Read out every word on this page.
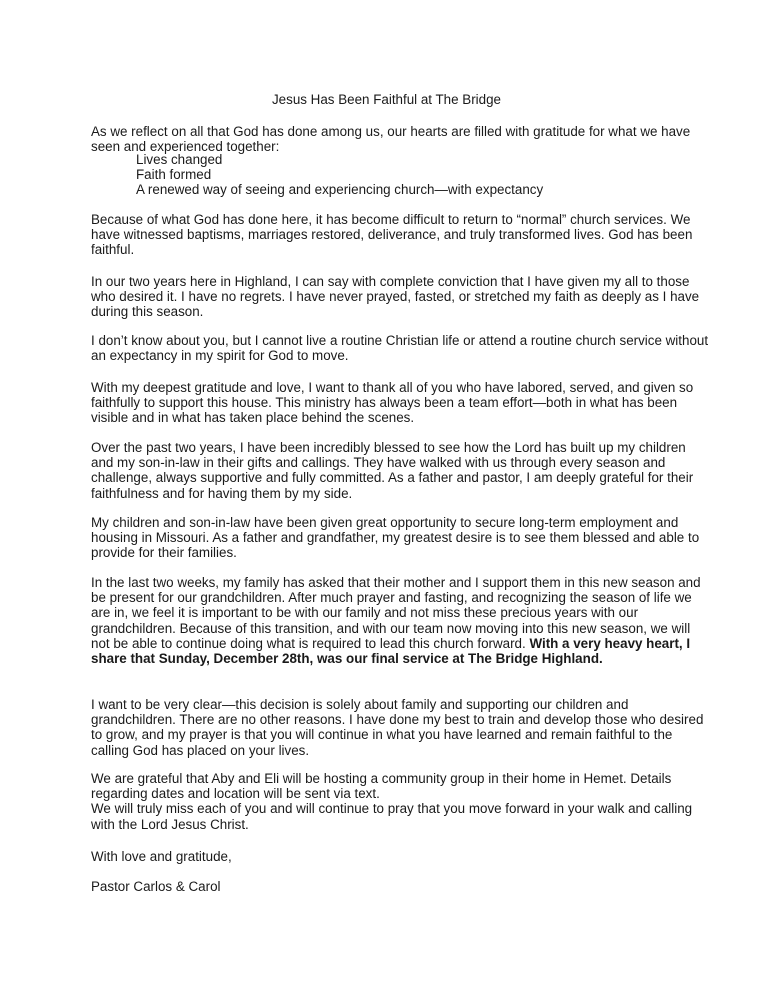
Jesus Has Been Faithful at The Bridge

As we reflect on all that God has done among us, our hearts are filled with gratitude for what we have seen and experienced together:

Lives changed
Faith formed
A renewed way of seeing and experiencing church—with expectancy

Because of what God has done here, it has become difficult to return to “normal” church services. We have witnessed baptisms, marriages restored, deliverance, and truly transformed lives. God has been faithful.

In our two years here in Highland, I can say with complete conviction that I have given my all to those who desired it. I have no regrets. I have never prayed, fasted, or stretched my faith as deeply as I have during this season.

I don’t know about you, but I cannot live a routine Christian life or attend a routine church service without an expectancy in my spirit for God to move.

With my deepest gratitude and love, I want to thank all of you who have labored, served, and given so faithfully to support this house. This ministry has always been a team effort—both in what has been visible and in what has taken place behind the scenes.

Over the past two years, I have been incredibly blessed to see how the Lord has built up my children and my son-in-law in their gifts and callings. They have walked with us through every season and challenge, always supportive and fully committed. As a father and pastor, I am deeply grateful for their faithfulness and for having them by my side.

My children and son-in-law have been given great opportunity to secure long-term employment and housing in Missouri. As a father and grandfather, my greatest desire is to see them blessed and able to provide for their families.

In the last two weeks, my family has asked that their mother and I support them in this new season and be present for our grandchildren. After much prayer and fasting, and recognizing the season of life we are in, we feel it is important to be with our family and not miss these precious years with our grandchildren. Because of this transition, and with our team now moving into this new season, we will not be able to continue doing what is required to lead this church forward. With a very heavy heart, I share that Sunday, December 28th, was our final service at The Bridge Highland.

I want to be very clear—this decision is solely about family and supporting our children and grandchildren. There are no other reasons. I have done my best to train and develop those who desired to grow, and my prayer is that you will continue in what you have learned and remain faithful to the calling God has placed on your lives.

We are grateful that Aby and Eli will be hosting a community group in their home in Hemet. Details regarding dates and location will be sent via text.
We will truly miss each of you and will continue to pray that you move forward in your walk and calling with the Lord Jesus Christ.

With love and gratitude,

Pastor Carlos & Carol
